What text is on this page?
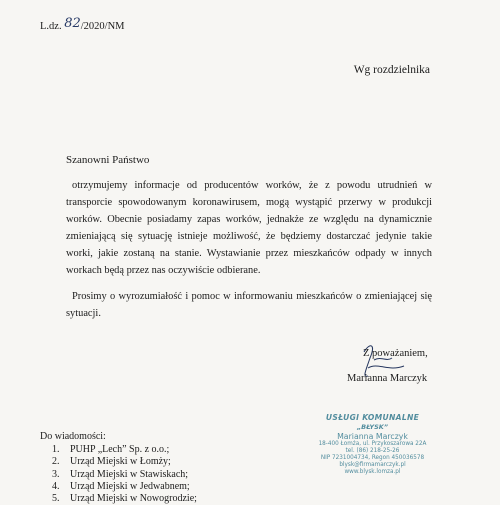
L.dz. 82/2020/NM
Wg rozdzielnika
Szanowni Państwo

otrzymujemy informacje od producentów worków, że z powodu utrudnień w transporcie spowodowanym koronawirusem, mogą wystąpić przerwy w produkcji worków. Obecnie posiadamy zapas worków, jednakże ze względu na dynamicznie zmieniającą się sytuację istnieje możliwość, że będziemy dostarczać jedynie takie worki, jakie zostaną na stanie. Wystawianie przez mieszkańców odpady w innych workach będą przez nas oczywiście odbierane.

Prosimy o wyrozumiałość i pomoc w informowaniu mieszkańców o zmieniającej się sytuacji.

Z poważaniem,
Marianna Marczyk
USŁUGI KOMUNALNE
„BŁYSK”
Marianna Marczyk
18-400 Łomża, ul. Przykoszarowa 22A
tel. (86) 218-25-26
NIP 7231004734, Regon 450036578
blysk@firmamarczyk.pl
www.blysk.lomza.pl
Do wiadomości:
1. PUHP „Lech” Sp. z o.o.;
2. Urząd Miejski w Łomży;
3. Urząd Miejski w Stawiskach;
4. Urząd Miejski w Jedwabnem;
5. Urząd Miejski w Nowogrodzie;
